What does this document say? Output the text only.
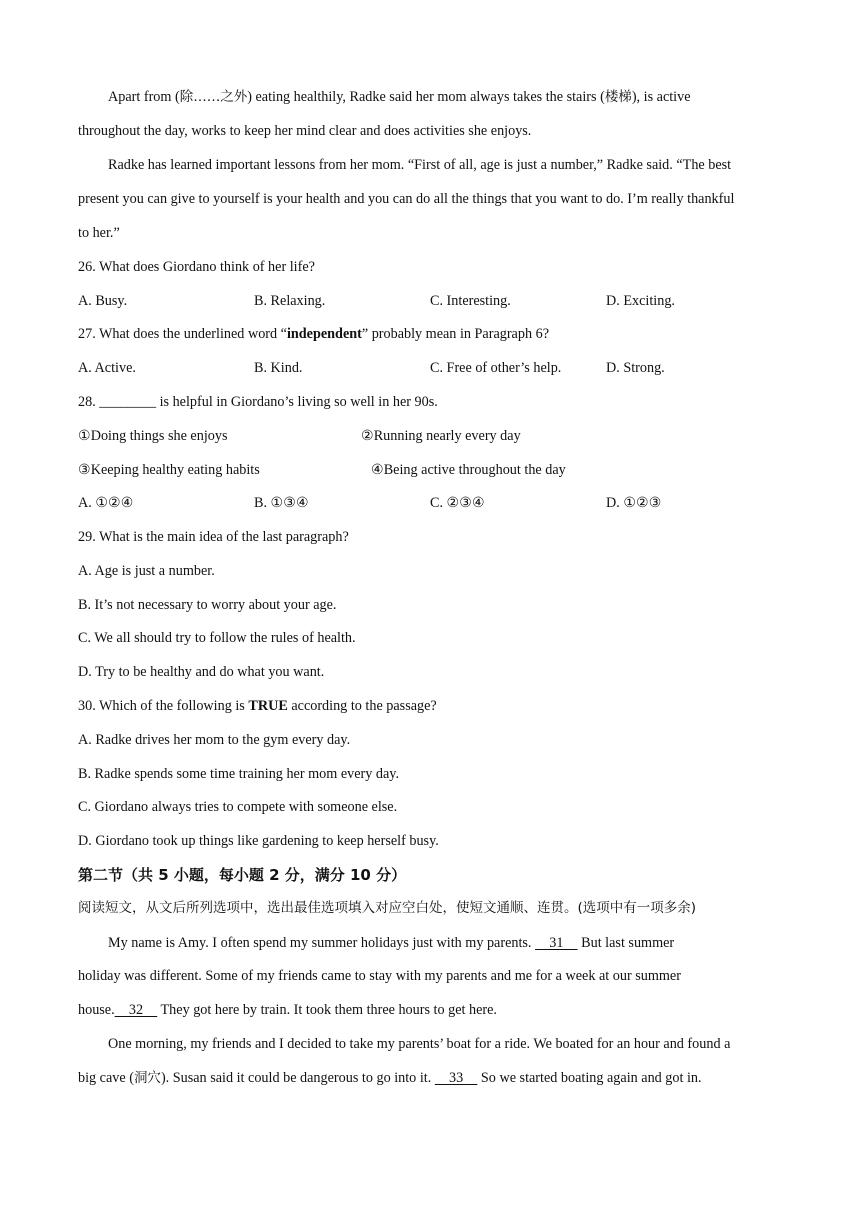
Apart from (除……之外) eating healthily, Radke said her mom always takes the stairs (楼梯), is active
throughout the day, works to keep her mind clear and does activities she enjoys.
Radke has learned important lessons from her mom. “First of all, age is just a number,” Radke said. “The best
present you can give to yourself is your health and you can do all the things that you want to do. I’m really thankful
to her.”
26. What does Giordano think of her life?
A. Busy.	B. Relaxing.	C. Interesting.	D. Exciting.
27. What does the underlined word “independent” probably mean in Paragraph 6?
A. Active.	B. Kind.	C. Free of other’s help.	D. Strong.
28. ________ is helpful in Giordano’s living so well in her 90s.
①Doing things she enjoys	②Running nearly every day
③Keeping healthy eating habits	④Being active throughout the day
A. ①②④	B. ①③④	C. ②③④	D. ①②③
29. What is the main idea of the last paragraph?
A. Age is just a number.
B. It’s not necessary to worry about your age.
C. We all should try to follow the rules of health.
D. Try to be healthy and do what you want.
30. Which of the following is TRUE according to the passage?
A. Radke drives her mom to the gym every day.
B. Radke spends some time training her mom every day.
C. Giordano always tries to compete with someone else.
D. Giordano took up things like gardening to keep herself busy.
第二节（共 5 小题，每小题 2 分，满分 10 分）
阅读短文，从文后所列选项中，选出最佳选项填入对应空白处，使短文通顺、连贯。(选项中有一项多余)
My name is Amy. I often spend my summer holidays just with my parents.     31     But last summer
holiday was different. Some of my friends came to stay with my parents and me for a week at our summer
house.    32     They got here by train. It took them three hours to get here.
One morning, my friends and I decided to take my parents’ boat for a ride. We boated for an hour and found a
big cave (洞穴). Susan said it could be dangerous to go into it.     33     So we started boating again and got in.
